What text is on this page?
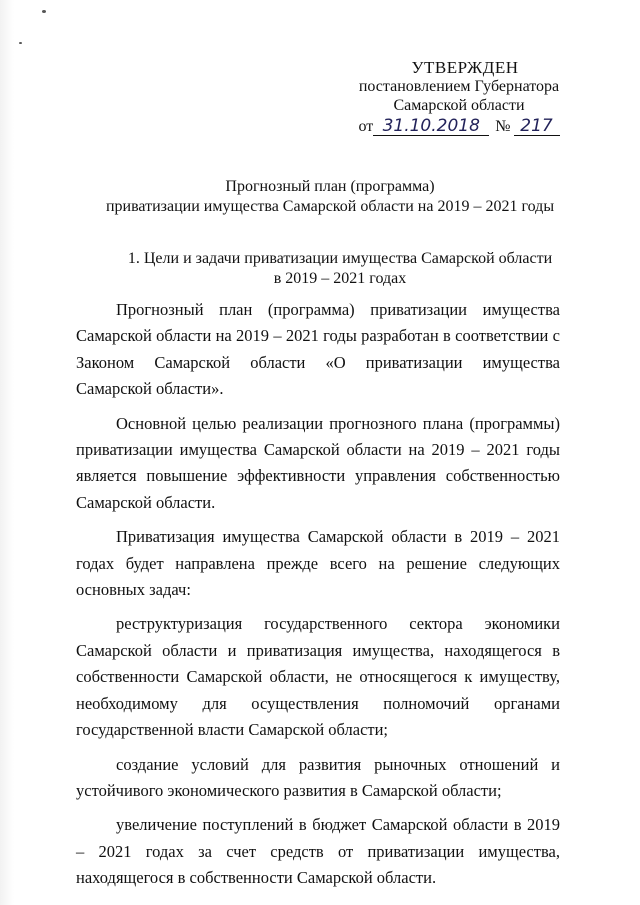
УТВЕРЖДЕН
постановлением Губернатора
Самарской области
от 31.10.2018 № 217
Прогнозный план (программа)
приватизации имущества Самарской области на 2019 – 2021 годы
1. Цели и задачи приватизации имущества Самарской области
в 2019 – 2021 годах

Прогнозный план (программа) приватизации имущества Самарской области на 2019 – 2021 годы разработан в соответствии с Законом Самарской области «О приватизации имущества Самарской области».

Основной целью реализации прогнозного плана (программы) приватизации имущества Самарской области на 2019 – 2021 годы является повышение эффективности управления собственностью Самарской области.

Приватизация имущества Самарской области в 2019 – 2021 годах будет направлена прежде всего на решение следующих основных задач:

реструктуризация государственного сектора экономики Самарской области и приватизация имущества, находящегося в собственности Самарской области, не относящегося к имуществу, необходимому для осуществления полномочий органами государственной власти Самарской области;

создание условий для развития рыночных отношений и устойчивого экономического развития в Самарской области;

увеличение поступлений в бюджет Самарской области в 2019 – 2021 годах за счет средств от приватизации имущества, находящегося в собственности Самарской области.
